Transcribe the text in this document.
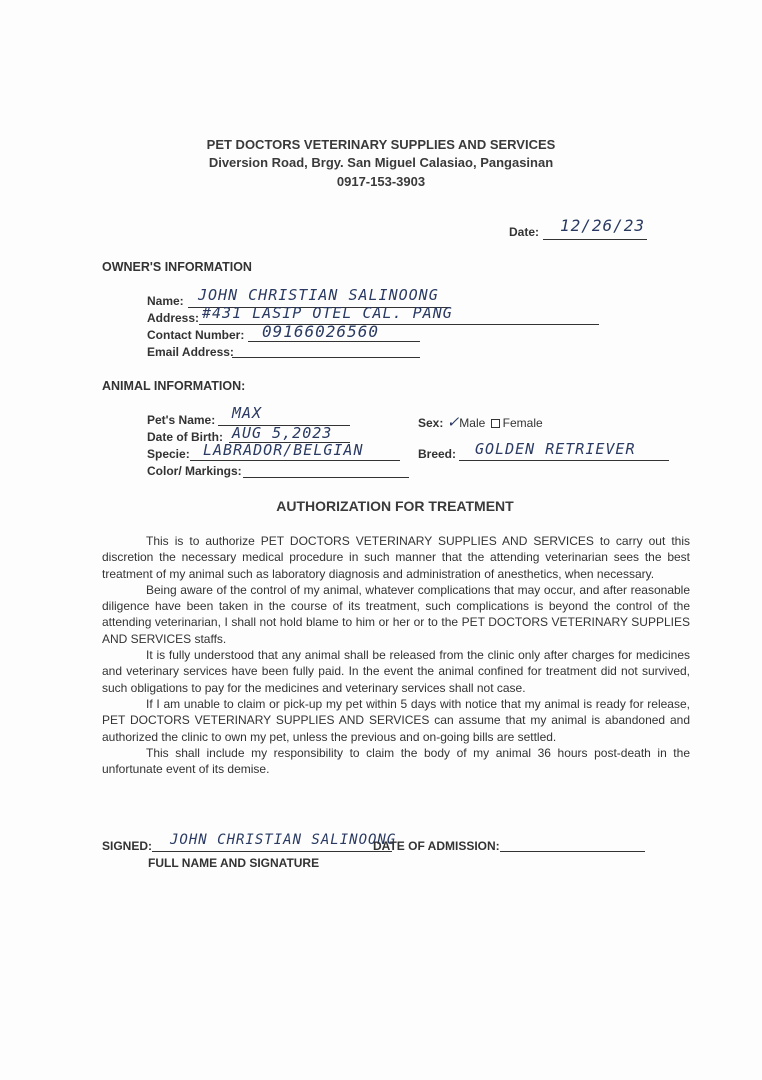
PET DOCTORS VETERINARY SUPPLIES AND SERVICES
Diversion Road, Brgy. San Miguel Calasiao, Pangasinan
0917-153-3903
Date: 12/26/23
OWNER'S INFORMATION
Name: JOHN CHRISTIAN SALINOONG
Address: #431 LASIP OTEL CAL. PANG
Contact Number: 09166026560
Email Address:
ANIMAL INFORMATION:
Pet's Name: MAX
Date of Birth: AUG 5,2023
Specie: LABRADOR/BELGIAN
Color/ Markings:
Sex: ✓Male Female
Breed: GOLDEN RETRIEVER
AUTHORIZATION FOR TREATMENT

This is to authorize PET DOCTORS VETERINARY SUPPLIES AND SERVICES to carry out this discretion the necessary medical procedure in such manner that the attending veterinarian sees the best treatment of my animal such as laboratory diagnosis and administration of anesthetics, when necessary.

Being aware of the control of my animal, whatever complications that may occur, and after reasonable diligence have been taken in the course of its treatment, such complications is beyond the control of the attending veterinarian, I shall not hold blame to him or her or to the PET DOCTORS VETERINARY SUPPLIES AND SERVICES staffs.

It is fully understood that any animal shall be released from the clinic only after charges for medicines and veterinary services have been fully paid. In the event the animal confined for treatment did not survived, such obligations to pay for the medicines and veterinary services shall not case.

If I am unable to claim or pick-up my pet within 5 days with notice that my animal is ready for release, PET DOCTORS VETERINARY SUPPLIES AND SERVICES can assume that my animal is abandoned and authorized the clinic to own my pet, unless the previous and on-going bills are settled.

This shall include my responsibility to claim the body of my animal 36 hours post-death in the unfortunate event of its demise.

SIGNED: JOHN CHRISTIAN SALINOONG
FULL NAME AND SIGNATURE
DATE OF ADMISSION:
